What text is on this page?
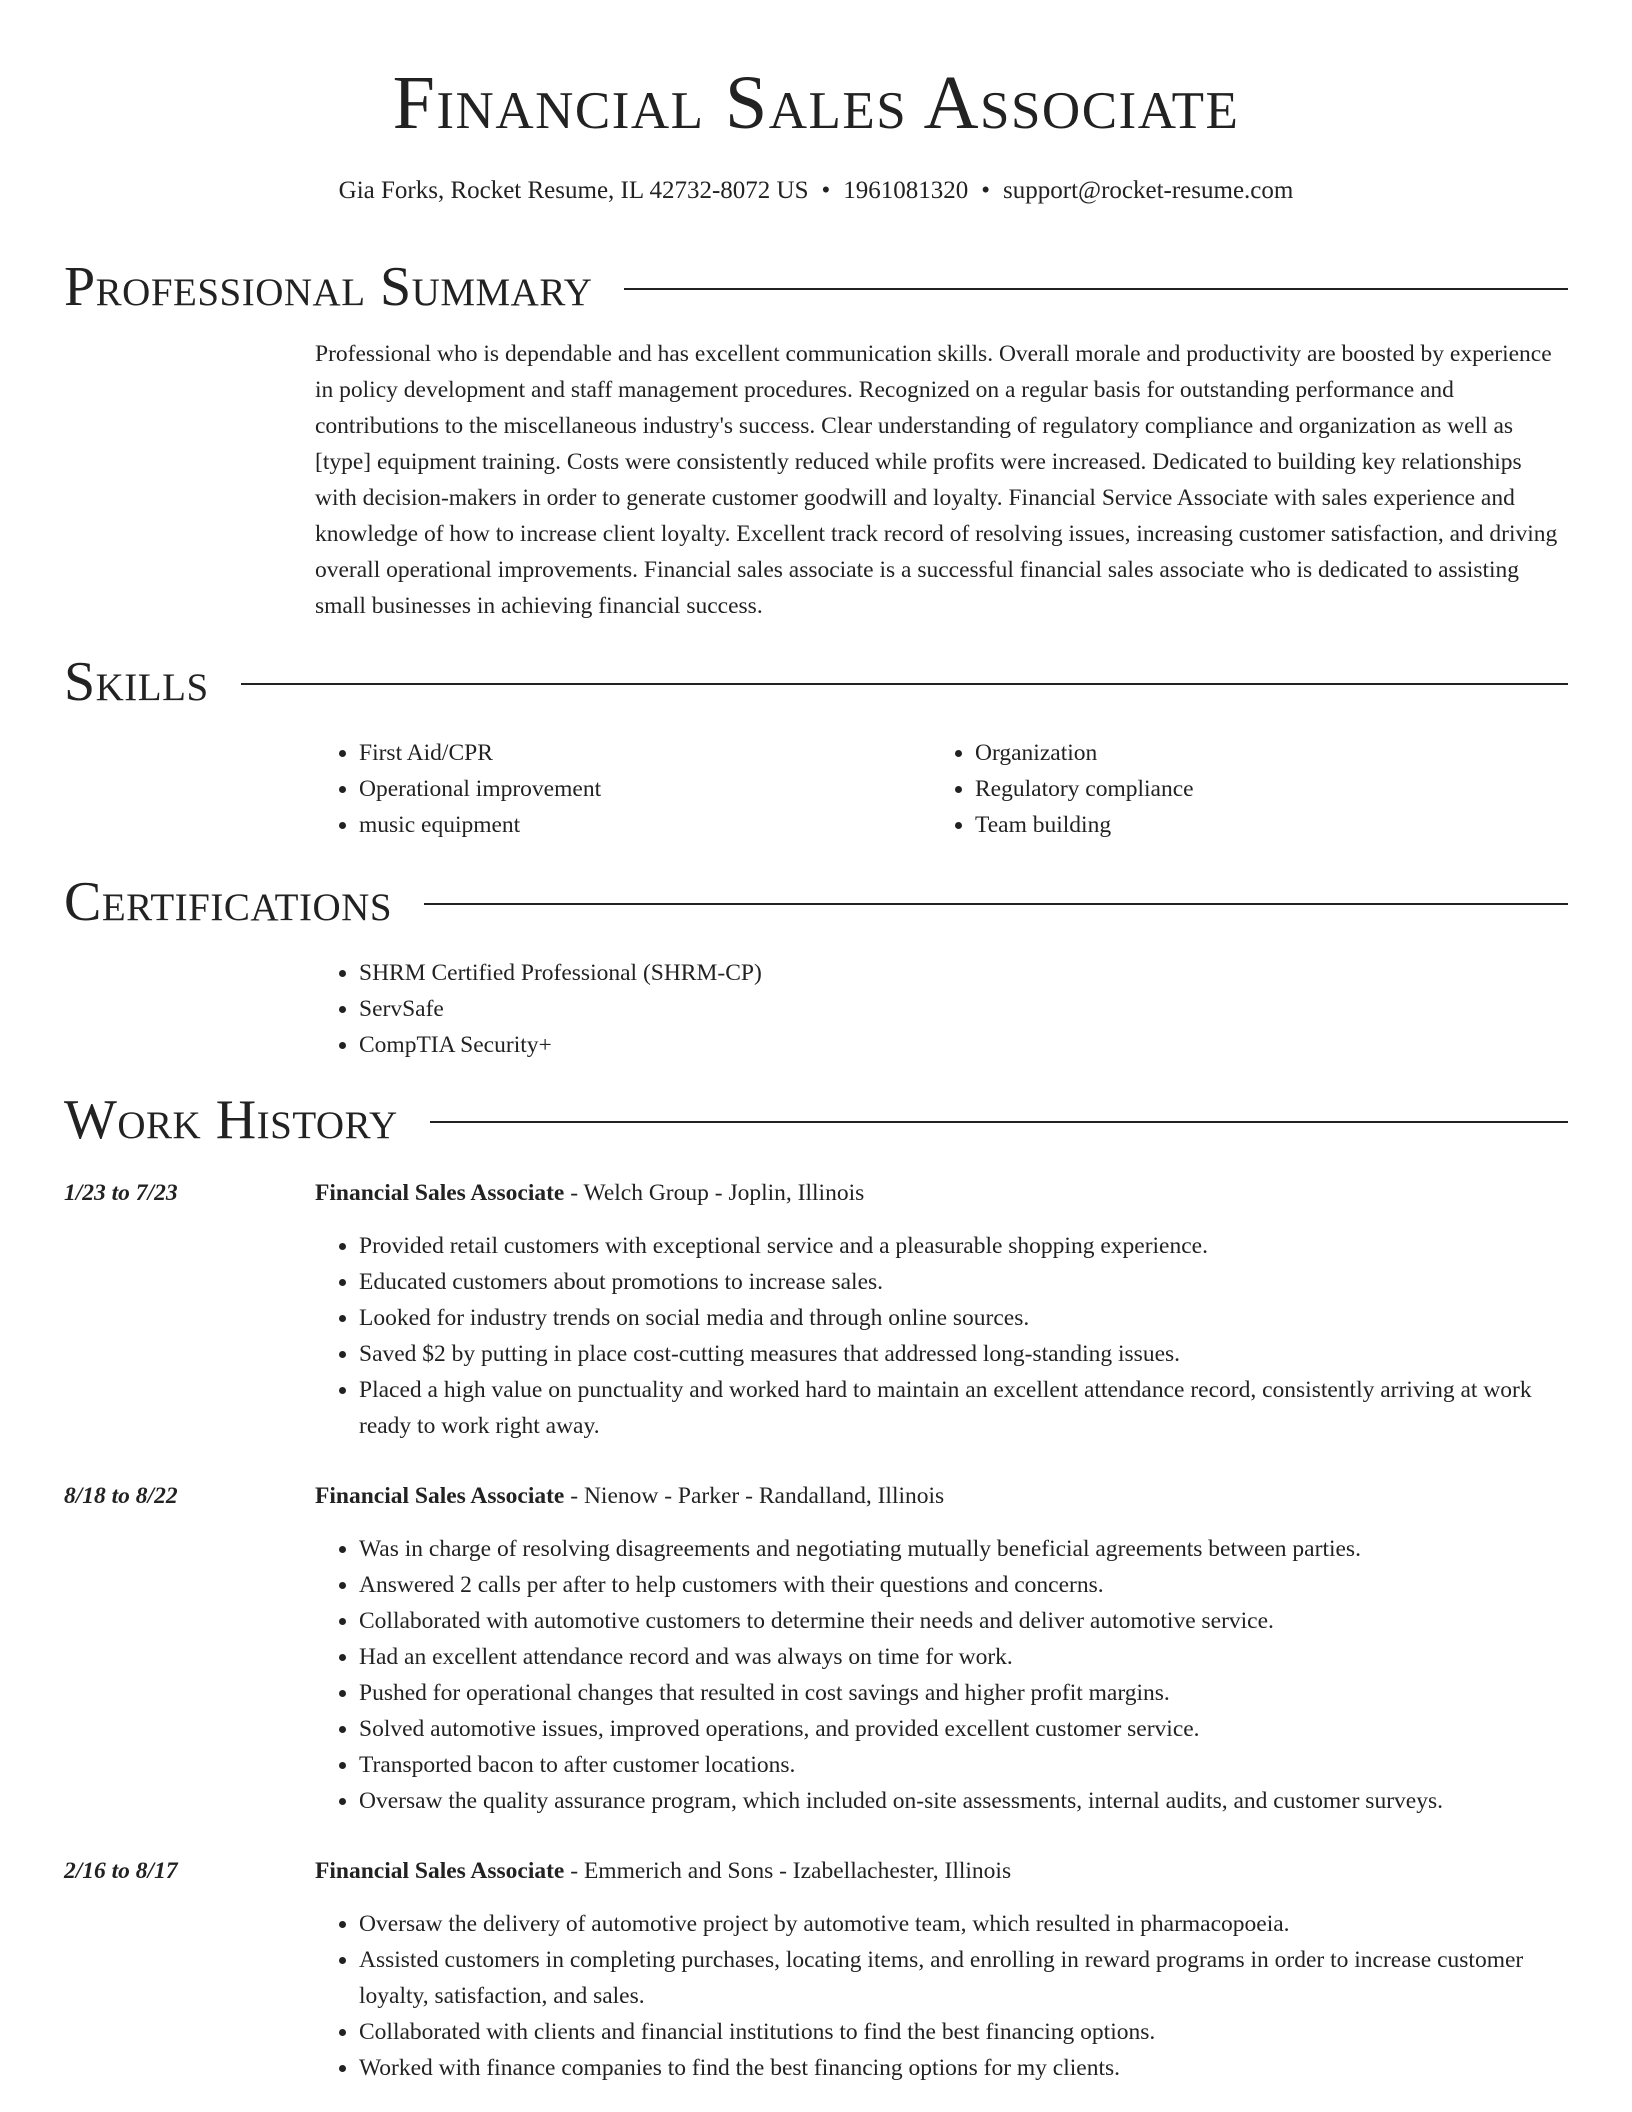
Financial Sales Associate
Gia Forks, Rocket Resume, IL 42732-8072 US • 1961081320 • support@rocket-resume.com
Professional Summary

Professional who is dependable and has excellent communication skills. Overall morale and productivity are boosted by experience in policy development and staff management procedures. Recognized on a regular basis for outstanding performance and contributions to the miscellaneous industry's success. Clear understanding of regulatory compliance and organization as well as [type] equipment training. Costs were consistently reduced while profits were increased. Dedicated to building key relationships with decision-makers in order to generate customer goodwill and loyalty. Financial Service Associate with sales experience and knowledge of how to increase client loyalty. Excellent track record of resolving issues, increasing customer satisfaction, and driving overall operational improvements. Financial sales associate is a successful financial sales associate who is dedicated to assisting small businesses in achieving financial success.

Skills
• First Aid/CPR
• Operational improvement
• music equipment
• Organization
• Regulatory compliance
• Team building
Certifications
• SHRM Certified Professional (SHRM-CP)
• ServSafe
• CompTIA Security+
Work History
1/23 to 7/23	Financial Sales Associate - Welch Group - Joplin, Illinois
• Provided retail customers with exceptional service and a pleasurable shopping experience.
• Educated customers about promotions to increase sales.
• Looked for industry trends on social media and through online sources.
• Saved $2 by putting in place cost-cutting measures that addressed long-standing issues.
• Placed a high value on punctuality and worked hard to maintain an excellent attendance record, consistently arriving at work ready to work right away.
8/18 to 8/22	Financial Sales Associate - Nienow - Parker - Randalland, Illinois
• Was in charge of resolving disagreements and negotiating mutually beneficial agreements between parties.
• Answered 2 calls per after to help customers with their questions and concerns.
• Collaborated with automotive customers to determine their needs and deliver automotive service.
• Had an excellent attendance record and was always on time for work.
• Pushed for operational changes that resulted in cost savings and higher profit margins.
• Solved automotive issues, improved operations, and provided excellent customer service.
• Transported bacon to after customer locations.
• Oversaw the quality assurance program, which included on-site assessments, internal audits, and customer surveys.
2/16 to 8/17	Financial Sales Associate - Emmerich and Sons - Izabellachester, Illinois
• Oversaw the delivery of automotive project by automotive team, which resulted in pharmacopoeia.
• Assisted customers in completing purchases, locating items, and enrolling in reward programs in order to increase customer loyalty, satisfaction, and sales.
• Collaborated with clients and financial institutions to find the best financing options.
• Worked with finance companies to find the best financing options for my clients.
